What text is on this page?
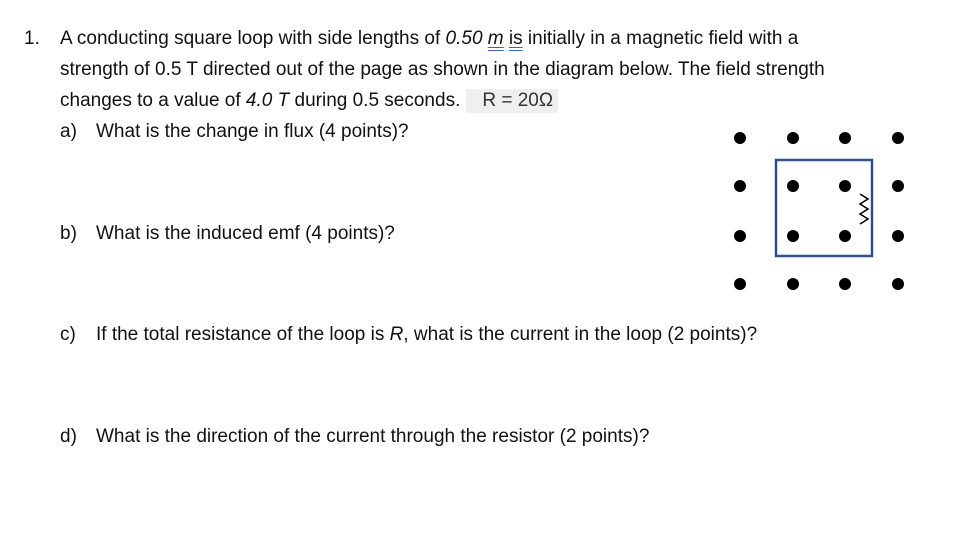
1. A conducting square loop with side lengths of 0.50 m is initially in a magnetic field with a
strength of 0.5 T directed out of the page as shown in the diagram below. The field strength
changes to a value of 4.0 T during 0.5 seconds. R = 20Ω
a) What is the change in flux (4 points)?
b) What is the induced emf (4 points)?
c) If the total resistance of the loop is R, what is the current in the loop (2 points)?
d) What is the direction of the current through the resistor (2 points)?
